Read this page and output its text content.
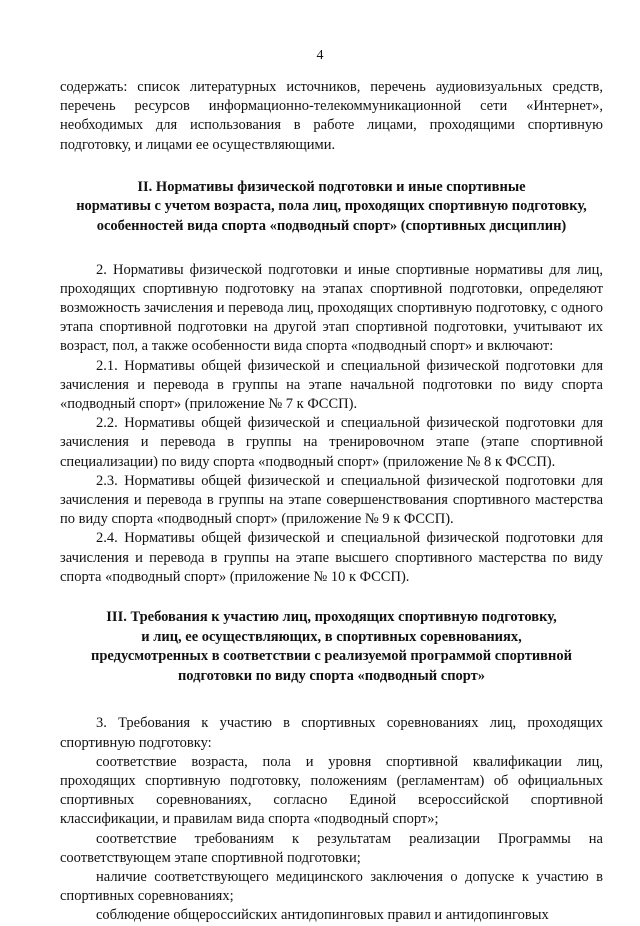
4

содержать: список литературных источников, перечень аудиовизуальных средств, перечень ресурсов информационно-телекоммуникационной сети «Интернет», необходимых для использования в работе лицами, проходящими спортивную подготовку, и лицами ее осуществляющими.

II. Нормативы физической подготовки и иные спортивные
нормативы с учетом возраста, пола лиц, проходящих спортивную подготовку,
особенностей вида спорта «подводный спорт» (спортивных дисциплин)

2. Нормативы физической подготовки и иные спортивные нормативы для лиц, проходящих спортивную подготовку на этапах спортивной подготовки, определяют возможность зачисления и перевода лиц, проходящих спортивную подготовку, с одного этапа спортивной подготовки на другой этап спортивной подготовки, учитывают их возраст, пол, а также особенности вида спорта «подводный спорт» и включают:

2.1. Нормативы общей физической и специальной физической подготовки для зачисления и перевода в группы на этапе начальной подготовки по виду спорта «подводный спорт» (приложение № 7 к ФССП).

2.2. Нормативы общей физической и специальной физической подготовки для зачисления и перевода в группы на тренировочном этапе (этапе спортивной специализации) по виду спорта «подводный спорт» (приложение № 8 к ФССП).

2.3. Нормативы общей физической и специальной физической подготовки для зачисления и перевода в группы на этапе совершенствования спортивного мастерства по виду спорта «подводный спорт» (приложение № 9 к ФССП).

2.4. Нормативы общей физической и специальной физической подготовки для зачисления и перевода в группы на этапе высшего спортивного мастерства по виду спорта «подводный спорт» (приложение № 10 к ФССП).

III. Требования к участию лиц, проходящих спортивную подготовку,
и лиц, ее осуществляющих, в спортивных соревнованиях,
предусмотренных в соответствии с реализуемой программой спортивной
подготовки по виду спорта «подводный спорт»

3. Требования к участию в спортивных соревнованиях лиц, проходящих спортивную подготовку:

соответствие возраста, пола и уровня спортивной квалификации лиц, проходящих спортивную подготовку, положениям (регламентам) об официальных спортивных соревнованиях, согласно Единой всероссийской спортивной классификации, и правилам вида спорта «подводный спорт»;

соответствие требованиям к результатам реализации Программы на соответствующем этапе спортивной подготовки;

наличие соответствующего медицинского заключения о допуске к участию в спортивных соревнованиях;

соблюдение общероссийских антидопинговых правил и антидопинговых
